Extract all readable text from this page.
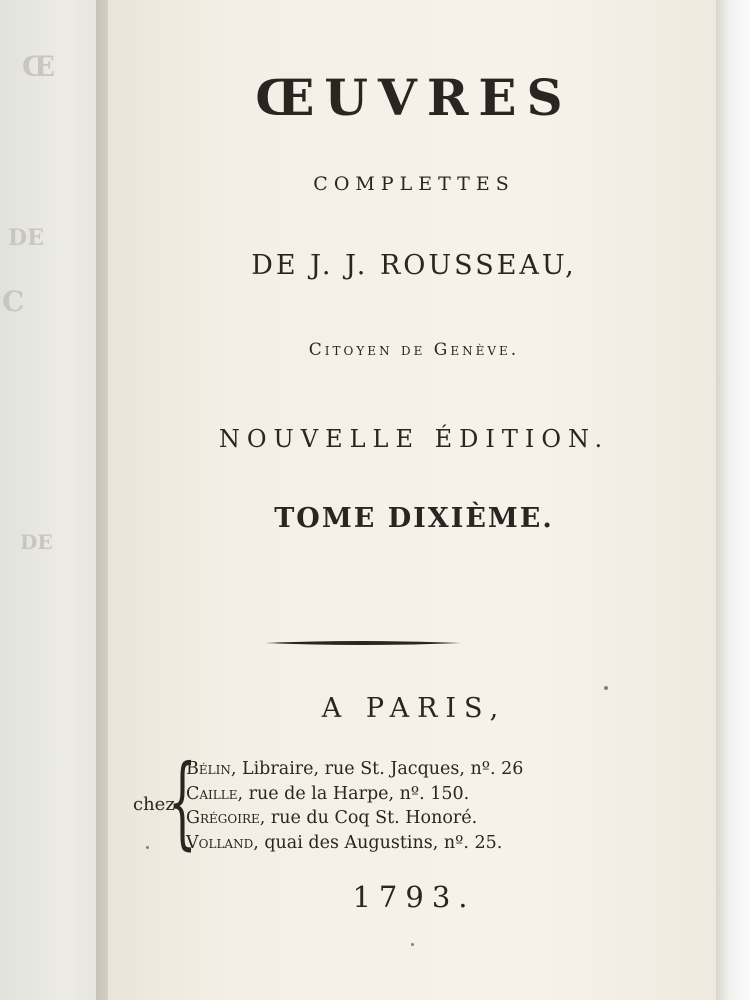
Œ
DE
C
DE
ŒUVRES
COMPLETTES
DE J. J. ROUSSEAU,
Citoyen de Genève.
NOUVELLE ÉDITION.
TOME DIXIÈME.
A PARIS,
chez
{
Bélin, Libraire, rue St. Jacques, nº. 26
Caille, rue de la Harpe, nº. 150.
Grégoire, rue du Coq St. Honoré.
Volland, quai des Augustins, nº. 25.
1793.
